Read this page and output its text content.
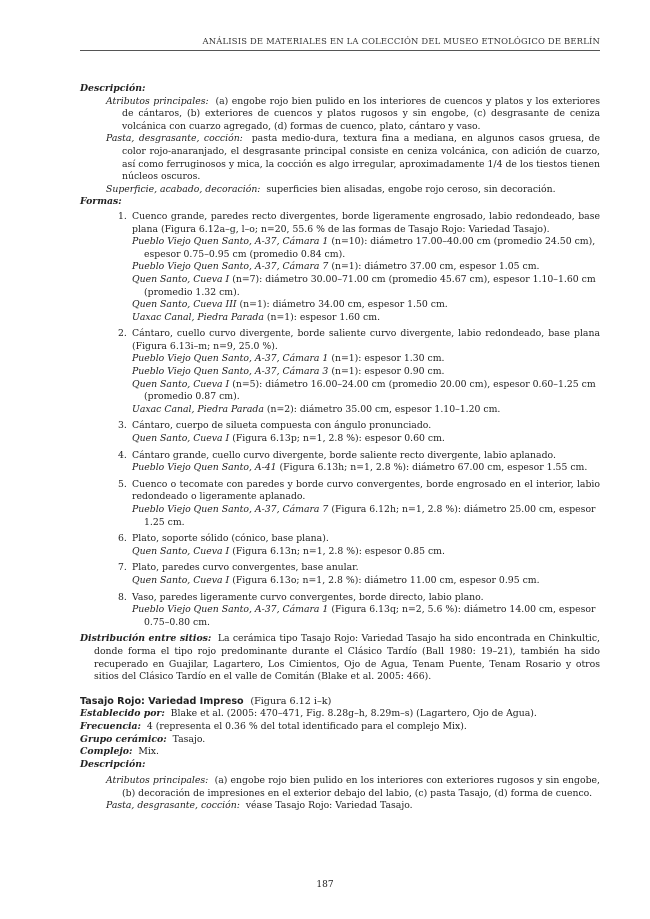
ANÁLISIS DE MATERIALES EN LA COLECCIÓN DEL MUSEO ETNOLÓGICO DE BERLÍN

Descripción:

Atributos principales: (a) engobe rojo bien pulido en los interiores de cuencos y platos y los exteriores de cántaros, (b) exteriores de cuencos y platos rugosos y sin engobe, (c) desgrasante de ceniza volcánica con cuarzo agregado, (d) formas de cuenco, plato, cántaro y vaso.

Pasta, desgrasante, cocción: pasta medio-dura, textura fina a mediana, en algunos casos gruesa, de color rojo-anaranjado, el desgrasante principal consiste en ceniza volcánica, con adición de cuarzo, así como ferruginosos y mica, la cocción es algo irregular, aproximadamente 1/4 de los tiestos tienen núcleos oscuros.

Superficie, acabado, decoración: superficies bien alisadas, engobe rojo ceroso, sin decoración.

Formas:

1. Cuenco grande, paredes recto divergentes, borde ligeramente engrosado, labio redondeado, base plana (Figura 6.12a–g, l–o; n=20, 55.6 % de las formas de Tasajo Rojo: Variedad Tasajo).

Pueblo Viejo Quen Santo, A-37, Cámara 1 (n=10): diámetro 17.00–40.00 cm (promedio 24.50 cm), espesor 0.75–0.95 cm (promedio 0.84 cm).

Pueblo Viejo Quen Santo, A-37, Cámara 7 (n=1): diámetro 37.00 cm, espesor 1.05 cm.

Quen Santo, Cueva I (n=7): diámetro 30.00–71.00 cm (promedio 45.67 cm), espesor 1.10–1.60 cm (promedio 1.32 cm).

Quen Santo, Cueva III (n=1): diámetro 34.00 cm, espesor 1.50 cm.

Uaxac Canal, Piedra Parada (n=1): espesor 1.60 cm.

2. Cántaro, cuello curvo divergente, borde saliente curvo divergente, labio redondeado, base plana (Figura 6.13i–m; n=9, 25.0 %).

Pueblo Viejo Quen Santo, A-37, Cámara 1 (n=1): espesor 1.30 cm.

Pueblo Viejo Quen Santo, A-37, Cámara 3 (n=1): espesor 0.90 cm.

Quen Santo, Cueva I (n=5): diámetro 16.00–24.00 cm (promedio 20.00 cm), espesor 0.60–1.25 cm (promedio 0.87 cm).

Uaxac Canal, Piedra Parada (n=2): diámetro 35.00 cm, espesor 1.10–1.20 cm.

3. Cántaro, cuerpo de silueta compuesta con ángulo pronunciado.

Quen Santo, Cueva I (Figura 6.13p; n=1, 2.8 %): espesor 0.60 cm.

4. Cántaro grande, cuello curvo divergente, borde saliente recto divergente, labio aplanado.

Pueblo Viejo Quen Santo, A-41 (Figura 6.13h; n=1, 2.8 %): diámetro 67.00 cm, espesor 1.55 cm.

5. Cuenco o tecomate con paredes y borde curvo convergentes, borde engrosado en el interior, labio redondeado o ligeramente aplanado.

Pueblo Viejo Quen Santo, A-37, Cámara 7 (Figura 6.12h; n=1, 2.8 %): diámetro 25.00 cm, espesor 1.25 cm.

6. Plato, soporte sólido (cónico, base plana).

Quen Santo, Cueva I (Figura 6.13n; n=1, 2.8 %): espesor 0.85 cm.

7. Plato, paredes curvo convergentes, base anular.

Quen Santo, Cueva I (Figura 6.13o; n=1, 2.8 %): diámetro 11.00 cm, espesor 0.95 cm.

8. Vaso, paredes ligeramente curvo convergentes, borde directo, labio plano.

Pueblo Viejo Quen Santo, A-37, Cámara 1 (Figura 6.13q; n=2, 5.6 %): diámetro 14.00 cm, espesor 0.75–0.80 cm.

Distribución entre sitios: La cerámica tipo Tasajo Rojo: Variedad Tasajo ha sido encontrada en Chinkultic, donde forma el tipo rojo predominante durante el Clásico Tardío (Ball 1980: 19–21), también ha sido recuperado en Guajilar, Lagartero, Los Cimientos, Ojo de Agua, Tenam Puente, Tenam Rosario y otros sitios del Clásico Tardío en el valle de Comitán (Blake et al. 2005: 466).

Tasajo Rojo: Variedad Impreso (Figura 6.12 i–k)

Establecido por: Blake et al. (2005: 470–471, Fig. 8.28g–h, 8.29m–s) (Lagartero, Ojo de Agua).

Frecuencia: 4 (representa el 0.36 % del total identificado para el complejo Mix).

Grupo cerámico: Tasajo.

Complejo: Mix.

Descripción:

Atributos principales: (a) engobe rojo bien pulido en los interiores con exteriores rugosos y sin engobe, (b) decoración de impresiones en el exterior debajo del labio, (c) pasta Tasajo, (d) forma de cuenco.

Pasta, desgrasante, cocción: véase Tasajo Rojo: Variedad Tasajo.

187
